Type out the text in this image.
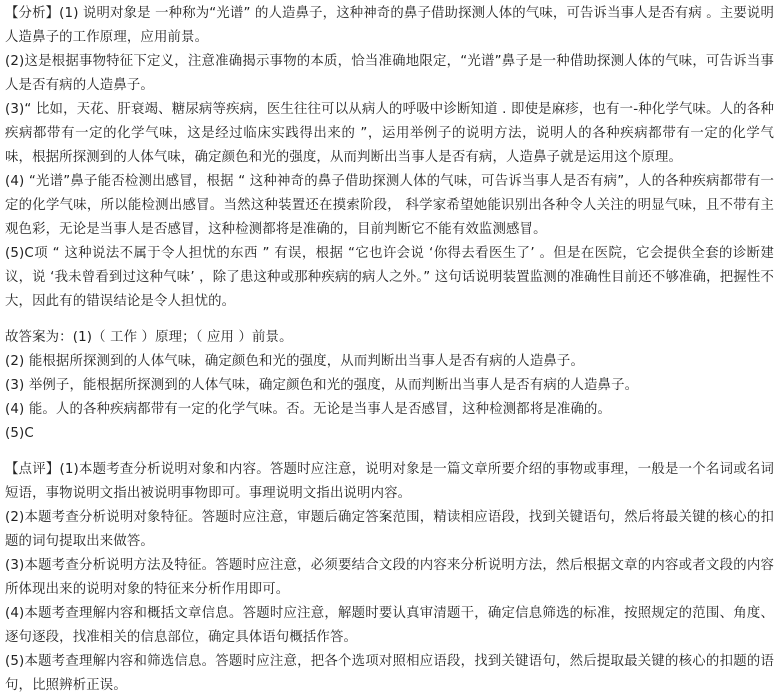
【分析】(1) 说明对象是 一种称为“光谱” 的人造鼻子，这种神奇的鼻子借助探测人体的气味，可告诉当事人是否有病 。主要说明人造鼻子的工作原理，应用前景。

(2)这是根据事物特征下定义，注意准确揭示事物的本质，恰当准确地限定，“光谱”鼻子是一种借助探测人体的气味，可告诉当事人是否有病的人造鼻子。

(3)“ 比如，天花、肝衰竭、糖尿病等疾病，医生往往可以从病人的呼吸中诊断知道 . 即使是麻疹，也有一-种化学气味。人的各种疾病都带有一定的化学气味，这是经过临床实践得出来的 ”，运用举例子的说明方法，说明人的各种疾病都带有一定的化学气味，根据所探测到的人体气味，确定颜色和光的强度，从而判断出当事人是否有病，人造鼻子就是运用这个原理。

(4) “光谱”鼻子能否检测出感冒，根据 “ 这种神奇的鼻子借助探测人体的气味，可告诉当事人是否有病”，人的各种疾病都带有一定的化学气味，所以能检测出感冒。当然这种装置还在摸索阶段， 科学家希望她能识别出各种令人关注的明显气味，且不带有主观色彩，无论是当事人是否感冒，这种检测都将是准确的，目前判断它不能有效监测感冒。

(5)C项 “ 这种说法不属于令人担忧的东西 ” 有误，根据 “它也许会说 ‘你得去看医生了’ 。但是在医院，它会提供全套的诊断建议，说 ‘我未曾看到过这种气味’ ，除了患这种或那种疾病的病人之外。” 这句话说明装置监测的准确性目前还不够准确，把握性不大，因此有的错误结论是令人担忧的。

故答案为：(1)（ 工作 ）原理；（ 应用 ）前景。

(2) 能根据所探测到的人体气味，确定颜色和光的强度，从而判断出当事人是否有病的人造鼻子。

(3) 举例子，能根据所探测到的人体气味，确定颜色和光的强度，从而判断出当事人是否有病的人造鼻子。

(4) 能。人的各种疾病都带有一定的化学气味。否。无论是当事人是否感冒，这种检测都将是准确的。

(5)C

【点评】(1)本题考查分析说明对象和内容。答题时应注意，说明对象是一篇文章所要介绍的事物或事理，一般是一个名词或名词短语，事物说明文指出被说明事物即可。事理说明文指出说明内容。

(2)本题考查分析说明对象特征。答题时应注意，审题后确定答案范围，精读相应语段，找到关键语句，然后将最关键的核心的扣题的词句提取出来做答。

(3)本题考查分析说明方法及特征。答题时应注意，必须要结合文段的内容来分析说明方法，然后根据文章的内容或者文段的内容所体现出来的说明对象的特征来分析作用即可。

(4)本题考查理解内容和概括文章信息。答题时应注意，解题时要认真审清题干，确定信息筛选的标准，按照规定的范围、角度、逐句逐段，找准相关的信息部位，确定具体语句概括作答。

(5)本题考查理解内容和筛选信息。答题时应注意，把各个选项对照相应语段，找到关键语句，然后提取最关键的核心的扣题的语句，比照辨析正误。
